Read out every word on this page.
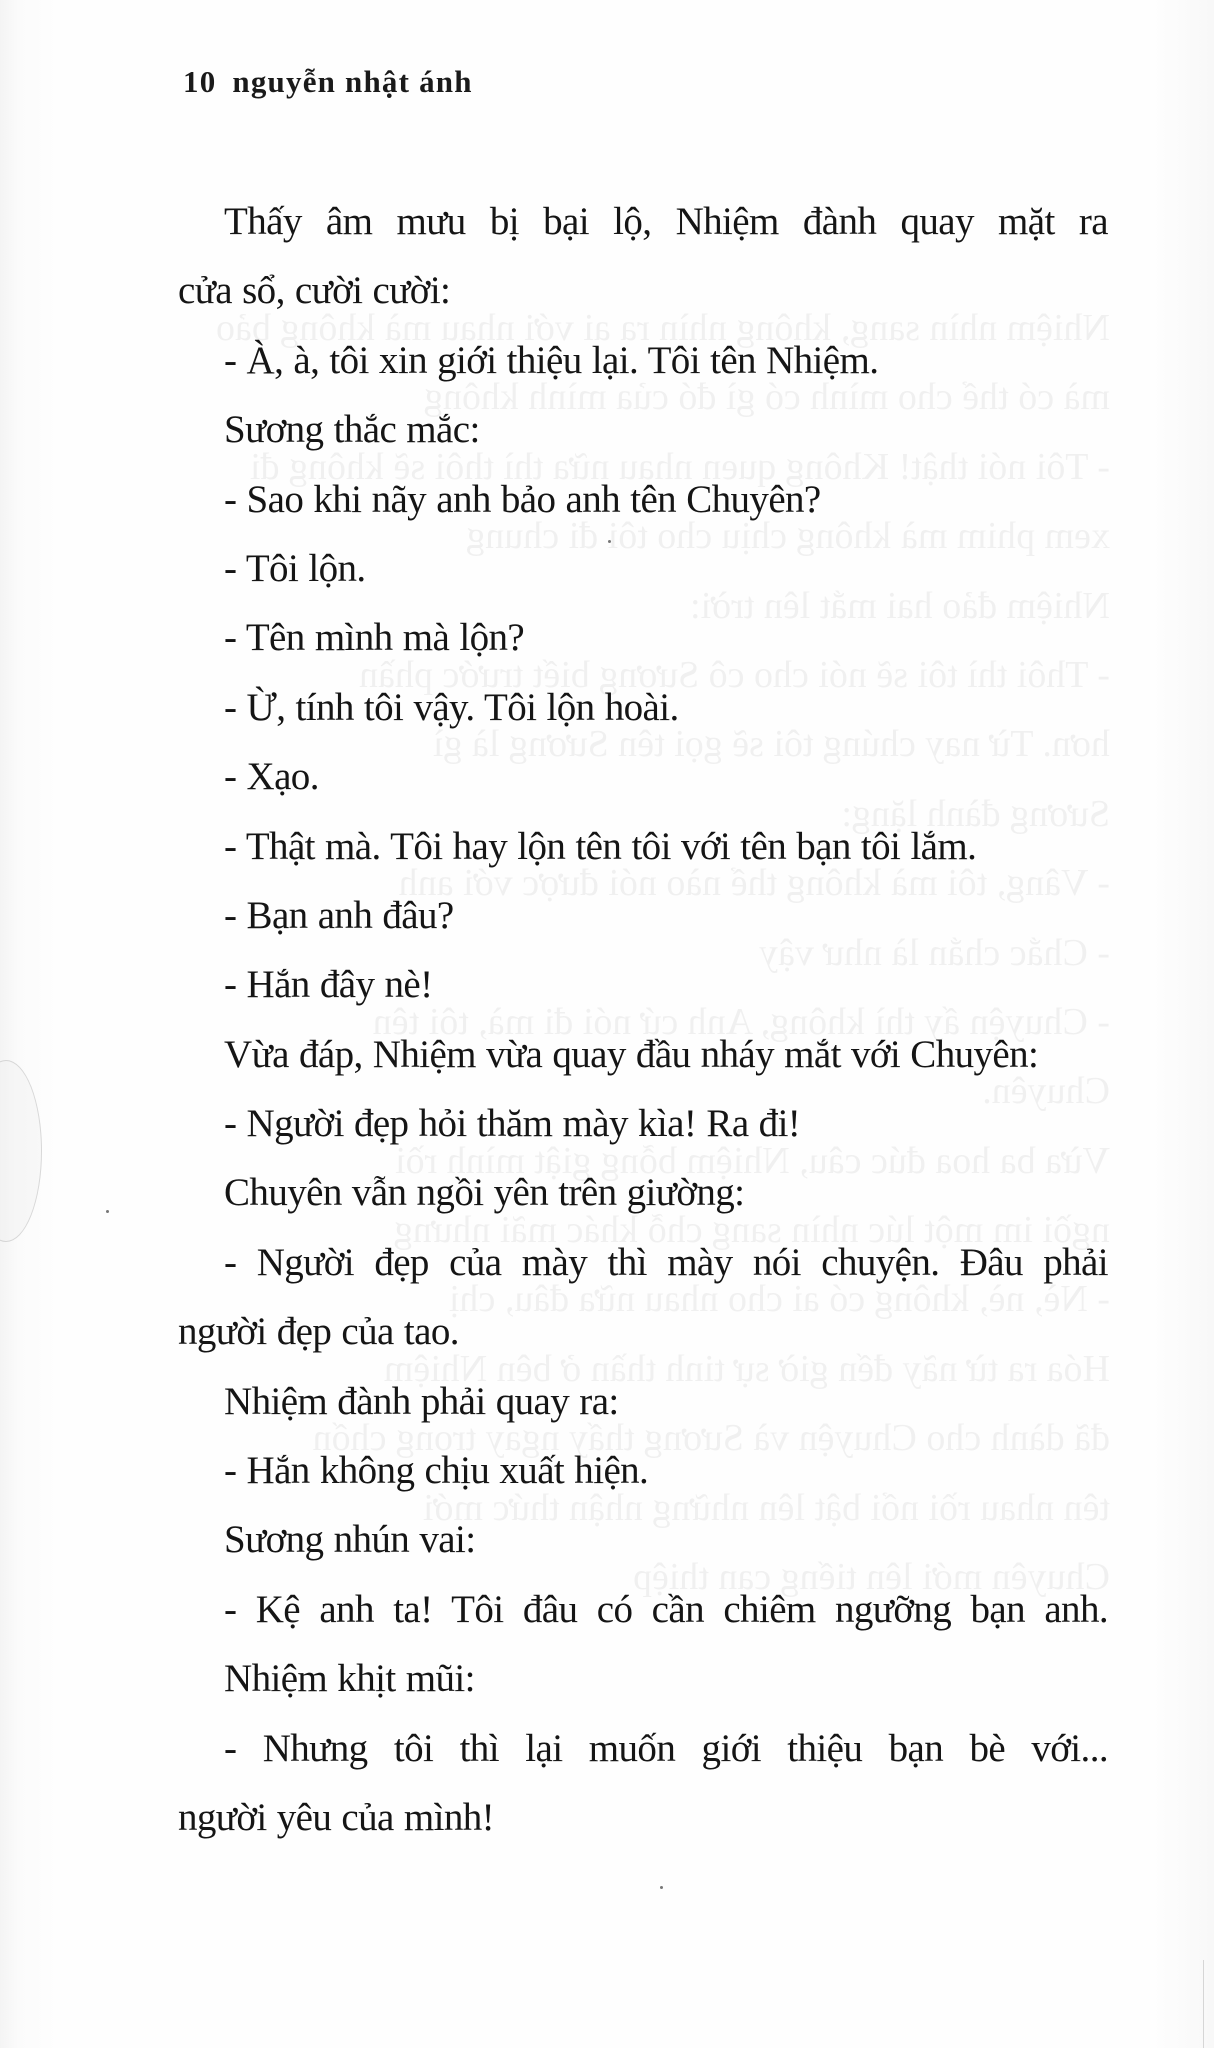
Nhiệm nhìn sang, không nhìn ra ai với nhau mà không bảo
mà có thể cho mình có gì đó của mình không
- Tôi nói thật! Không quen nhau nữa thì thôi sẽ không đi
xem phim mà không chịu cho tôi đi chung
Nhiệm đảo hai mắt lên trời:
- Thôi thì tôi sẽ nói cho cô Sương biết trước phần
hơn. Từ nay chúng tôi sẽ gọi tên Sương là gì
Sương đành lặng:
- Vâng, tôi mà không thể nào nói được với anh
- Chắc chắn là như vậy
- Chuyện ấy thì không, Anh cứ nói đi mà, tôi tên
Chuyên.
Vừa ba hoa đúc câu, Nhiệm bỗng giật mình rồi
ngồi im một lúc nhìn sang chỗ khác mãi nhưng
- Nè, nè, không có ai cho nhau nữa đâu, chị
Hóa ra từ nãy đến giờ sự tinh thần ở bên Nhiệm
đã dành cho Chuyện và Sương thấy ngay trong chốn
tên nhau rồi nổi bật lên những nhận thức mới
Chuyên mới lên tiếng can thiệp
10 nguyễn nhật ánh
Thấy âm mưu bị bại lộ, Nhiệm đành quay mặt ra
cửa sổ, cười cười:
- À, à, tôi xin giới thiệu lại. Tôi tên Nhiệm.
Sương thắc mắc:
- Sao khi nãy anh bảo anh tên Chuyên?
- Tôi lộn.
- Tên mình mà lộn?
- Ừ, tính tôi vậy. Tôi lộn hoài.
- Xạo.
- Thật mà. Tôi hay lộn tên tôi với tên bạn tôi lắm.
- Bạn anh đâu?
- Hắn đây nè!
Vừa đáp, Nhiệm vừa quay đầu nháy mắt với Chuyên:
- Người đẹp hỏi thăm mày kìa! Ra đi!
Chuyên vẫn ngồi yên trên giường:
- Người đẹp của mày thì mày nói chuyện. Đâu phải
người đẹp của tao.
Nhiệm đành phải quay ra:
- Hắn không chịu xuất hiện.
Sương nhún vai:
- Kệ anh ta! Tôi đâu có cần chiêm ngưỡng bạn anh.
Nhiệm khịt mũi:
- Nhưng tôi thì lại muốn giới thiệu bạn bè với...
người yêu của mình!
